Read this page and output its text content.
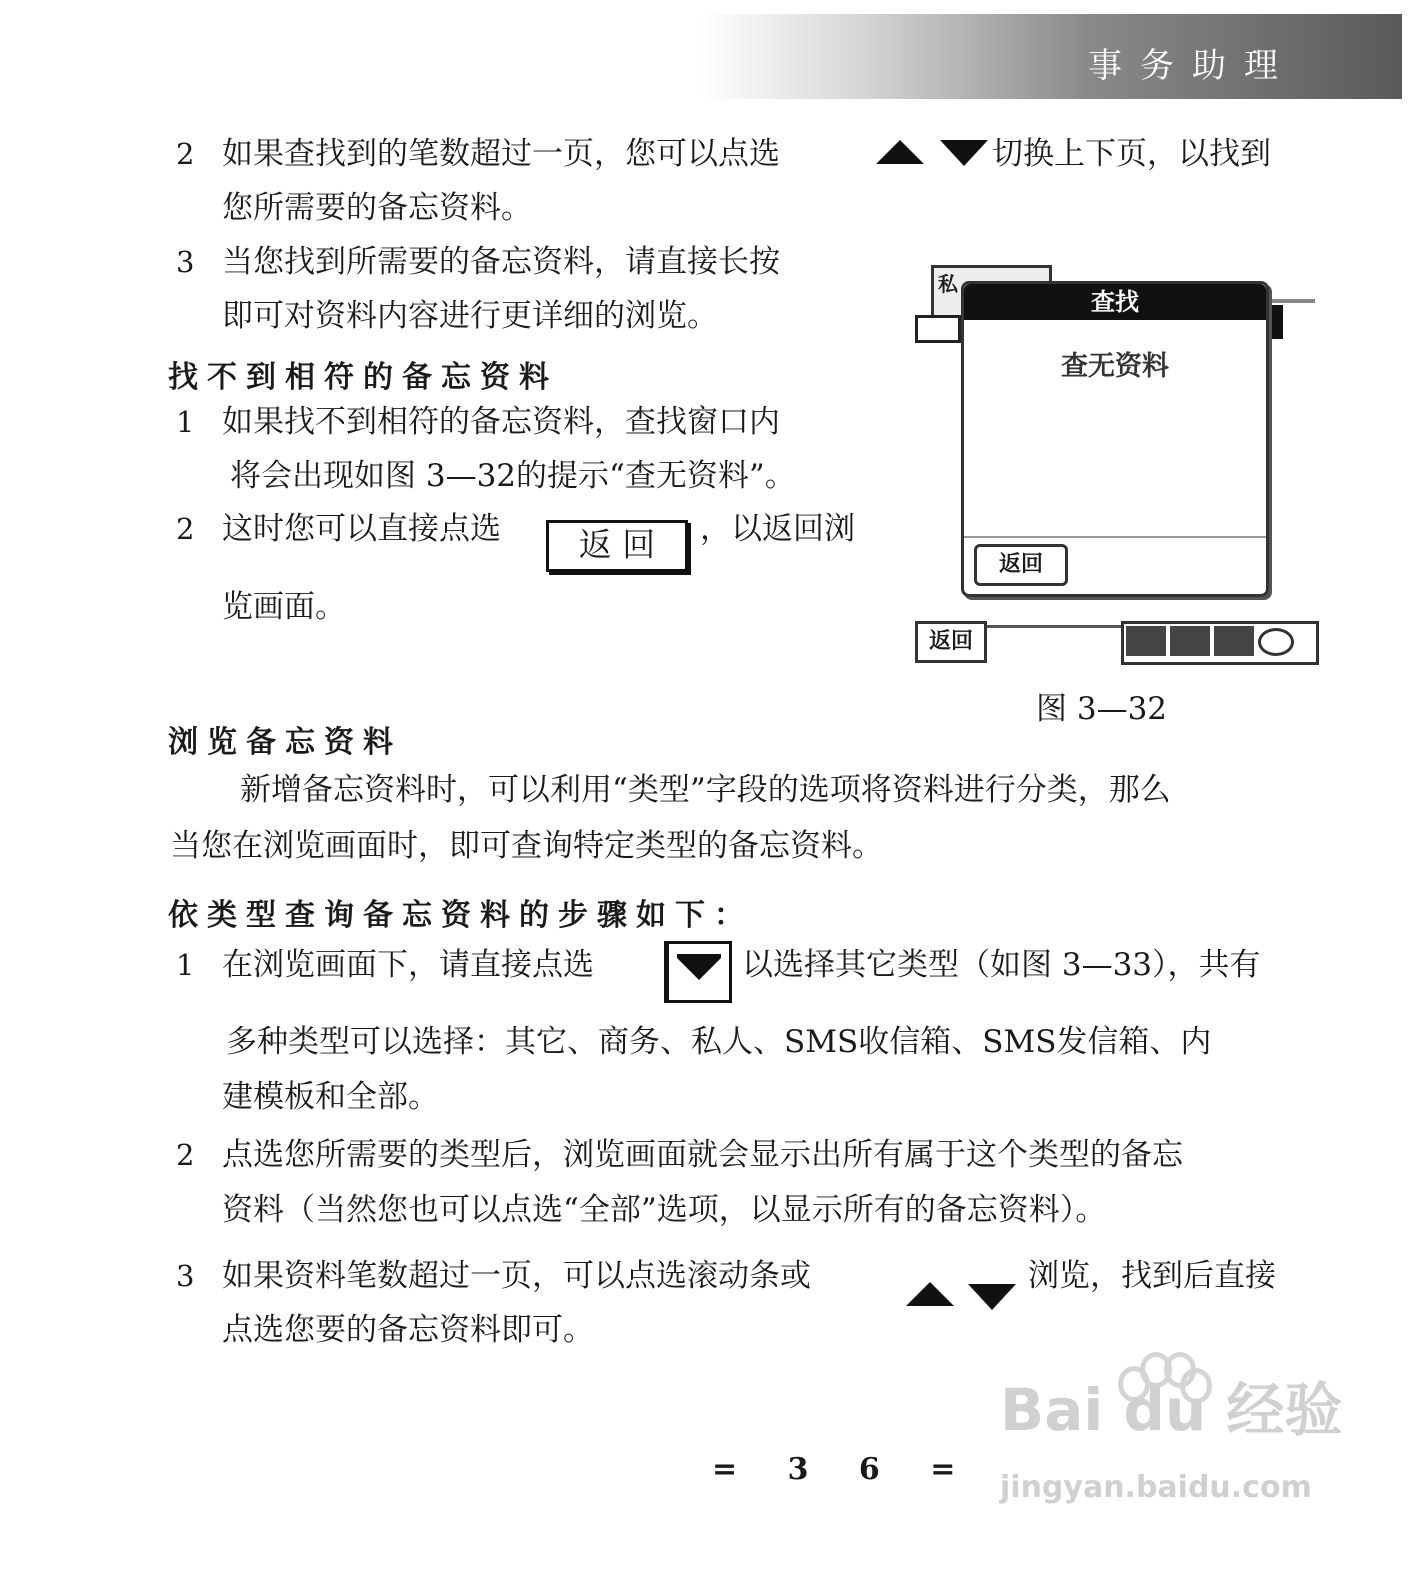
事务助理
2 如果查找到的笔数超过一页，您可以点选	切换上下页，以找到
您所需要的备忘资料。
3 当您找到所需要的备忘资料，请直接长按
即可对资料内容进行更详细的浏览。
找不到相符的备忘资料
1 如果找不到相符的备忘资料，查找窗口内
将会出现如图 3—32的提示“查无资料”。
2 这时您可以直接点选	返 回	，以返回浏
览画面。
私
查找
查无资料
返回
返回
图 3—32
浏览备忘资料
新增备忘资料时，可以利用“类型”字段的选项将资料进行分类，那么
当您在浏览画面时，即可查询特定类型的备忘资料。
依类型查询备忘资料的步骤如下：
1 在浏览画面下，请直接点选	以选择其它类型（如图 3—33），共有
多种类型可以选择：其它、商务、私人、SMS收信箱、SMS发信箱、内
建模板和全部。
2 点选您所需要的类型后，浏览画面就会显示出所有属于这个类型的备忘
资料（当然您也可以点选“全部”选项，以显示所有的备忘资料）。
3 如果资料笔数超过一页，可以点选滚动条或	浏览，找到后直接
点选您要的备忘资料即可。
= 3 6 =
Bai du 经验
jingyan.baidu.com
